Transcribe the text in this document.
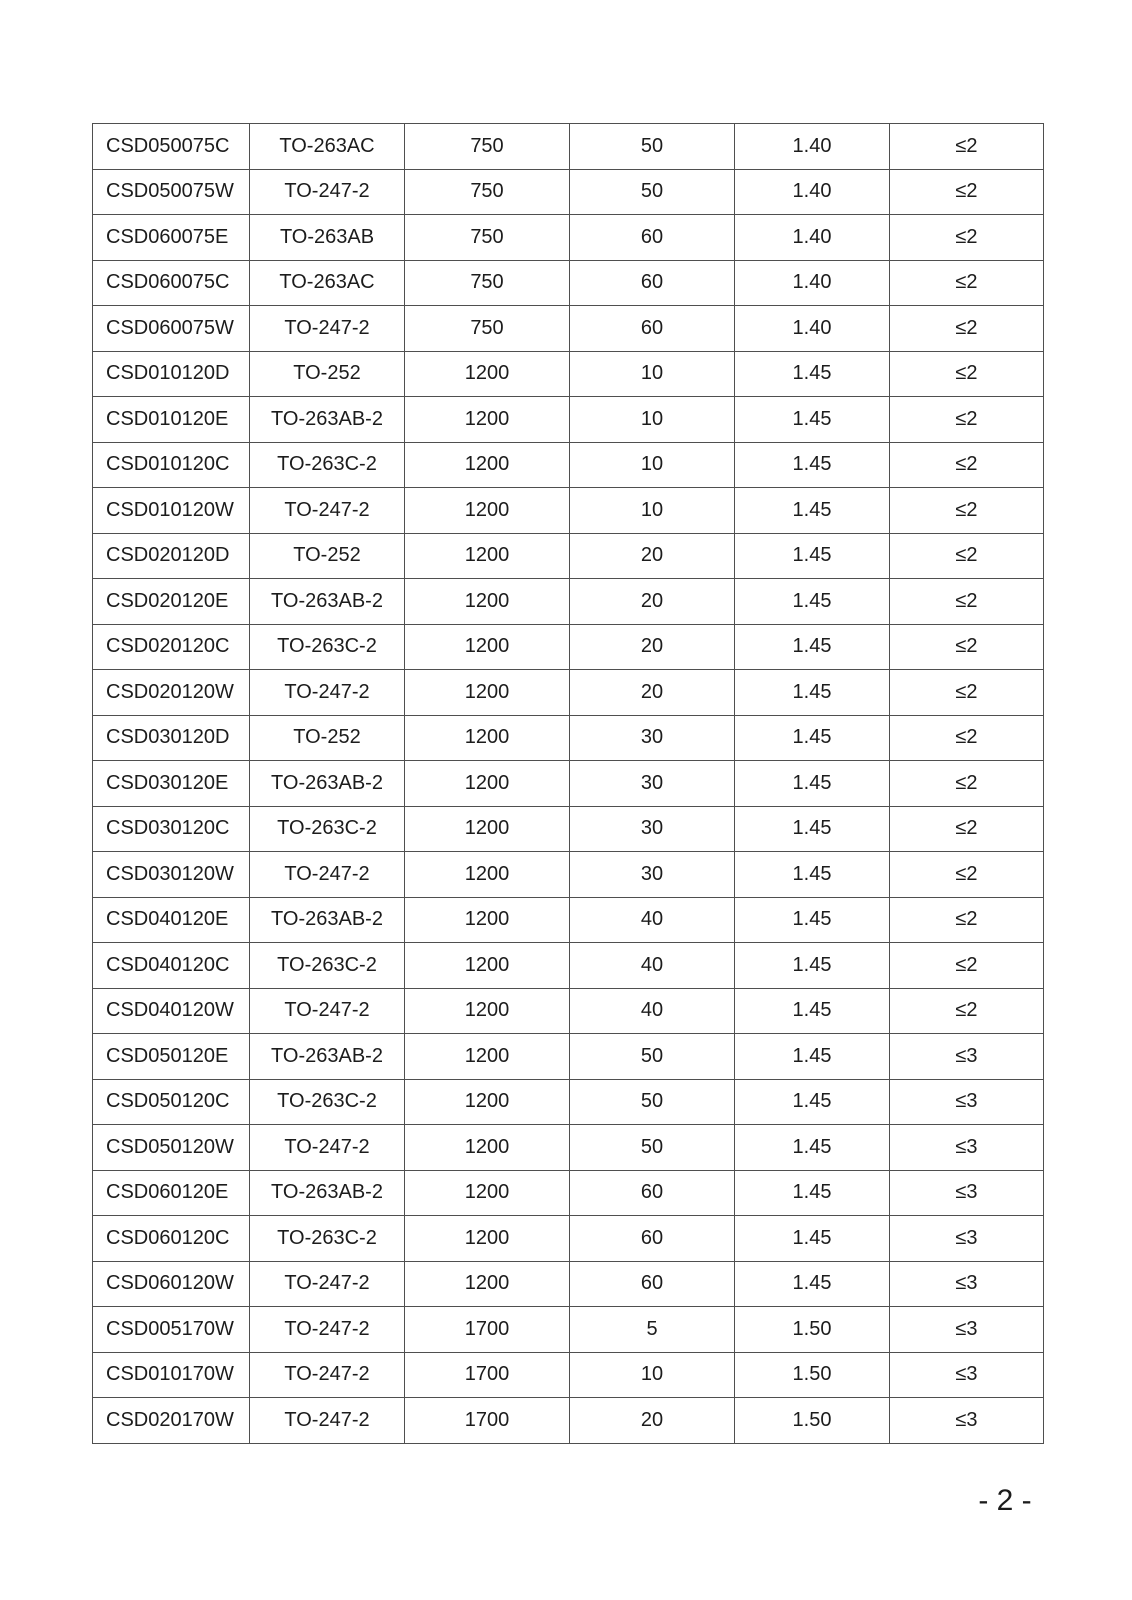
CSD050075C	TO-263AC	750	50	1.40	≤2
CSD050075W	TO-247-2	750	50	1.40	≤2
CSD060075E	TO-263AB	750	60	1.40	≤2
CSD060075C	TO-263AC	750	60	1.40	≤2
CSD060075W	TO-247-2	750	60	1.40	≤2
CSD010120D	TO-252	1200	10	1.45	≤2
CSD010120E	TO-263AB-2	1200	10	1.45	≤2
CSD010120C	TO-263C-2	1200	10	1.45	≤2
CSD010120W	TO-247-2	1200	10	1.45	≤2
CSD020120D	TO-252	1200	20	1.45	≤2
CSD020120E	TO-263AB-2	1200	20	1.45	≤2
CSD020120C	TO-263C-2	1200	20	1.45	≤2
CSD020120W	TO-247-2	1200	20	1.45	≤2
CSD030120D	TO-252	1200	30	1.45	≤2
CSD030120E	TO-263AB-2	1200	30	1.45	≤2
CSD030120C	TO-263C-2	1200	30	1.45	≤2
CSD030120W	TO-247-2	1200	30	1.45	≤2
CSD040120E	TO-263AB-2	1200	40	1.45	≤2
CSD040120C	TO-263C-2	1200	40	1.45	≤2
CSD040120W	TO-247-2	1200	40	1.45	≤2
CSD050120E	TO-263AB-2	1200	50	1.45	≤3
CSD050120C	TO-263C-2	1200	50	1.45	≤3
CSD050120W	TO-247-2	1200	50	1.45	≤3
CSD060120E	TO-263AB-2	1200	60	1.45	≤3
CSD060120C	TO-263C-2	1200	60	1.45	≤3
CSD060120W	TO-247-2	1200	60	1.45	≤3
CSD005170W	TO-247-2	1700	5	1.50	≤3
CSD010170W	TO-247-2	1700	10	1.50	≤3
CSD020170W	TO-247-2	1700	20	1.50	≤3
- 2 -
